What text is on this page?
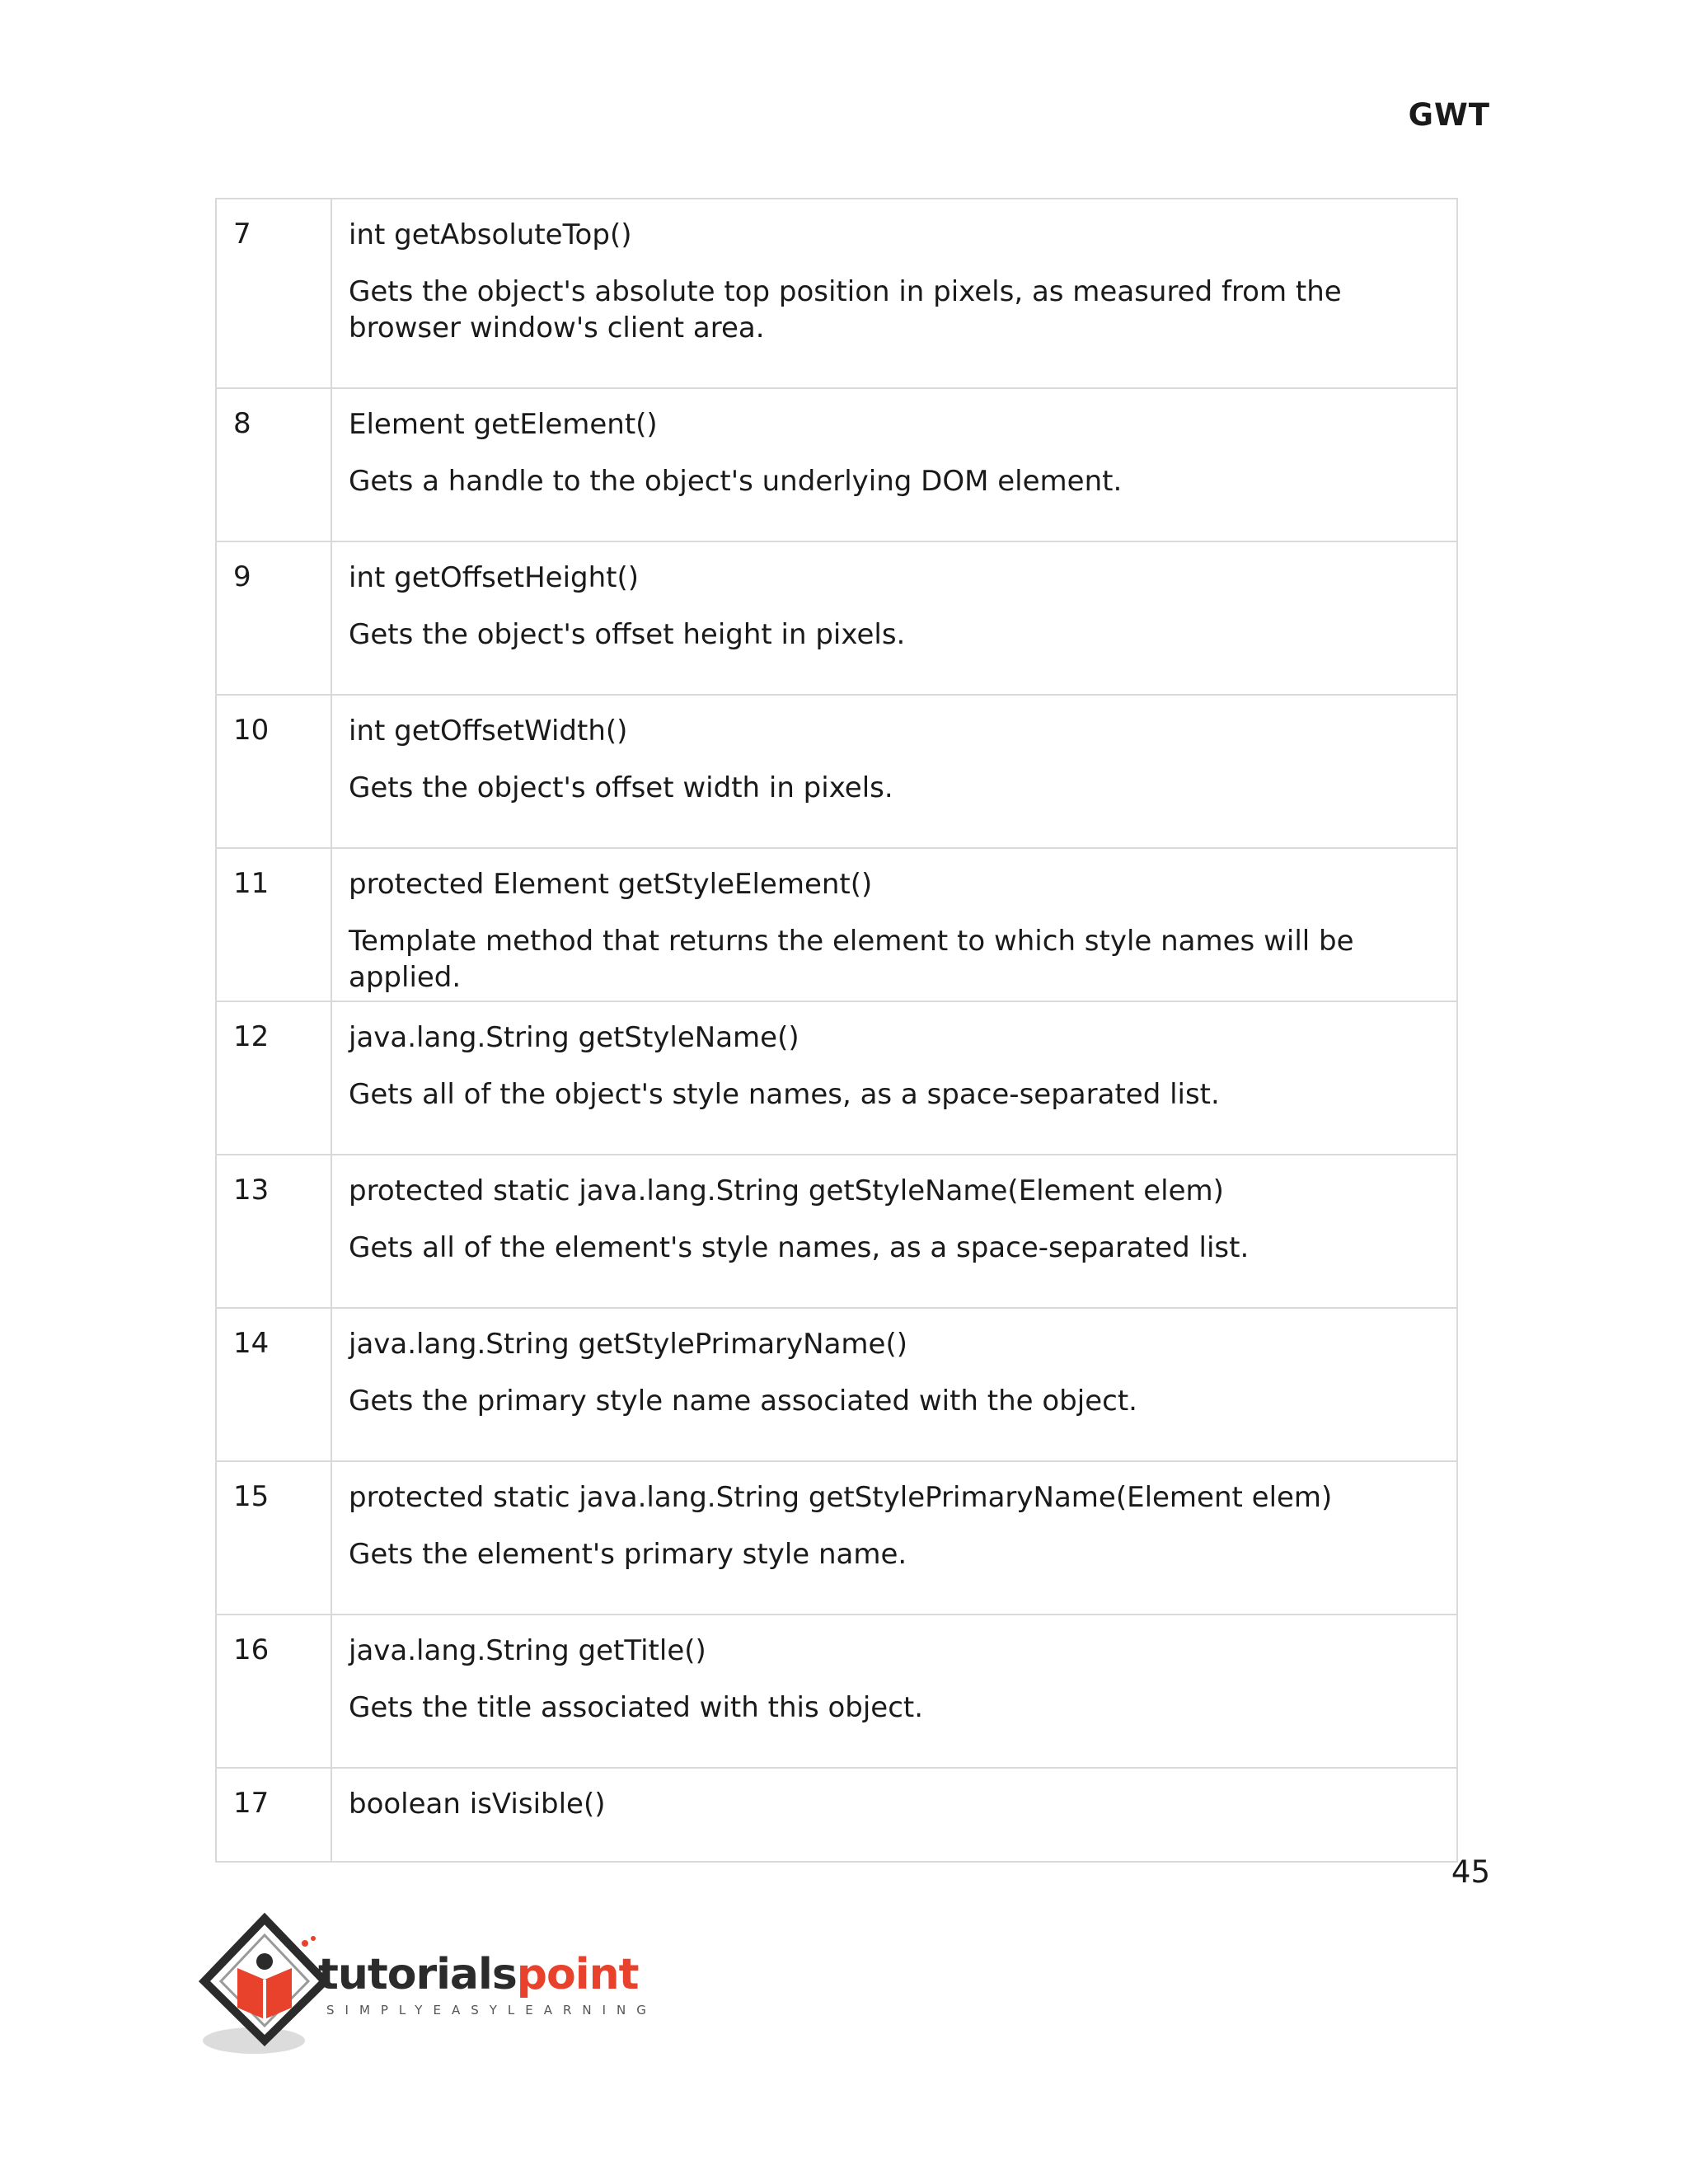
GWT
7	int getAbsoluteTop()

Gets the object's absolute top position in pixels, as measured from the browser window's client area.

8	Element getElement()

Gets a handle to the object's underlying DOM element.

9	int getOffsetHeight()

Gets the object's offset height in pixels.

10	int getOffsetWidth()

Gets the object's offset width in pixels.

11	protected Element getStyleElement()

Template method that returns the element to which style names will be applied.

12	java.lang.String getStyleName()

Gets all of the object's style names, as a space-separated list.

13	protected static java.lang.String getStyleName(Element elem)

Gets all of the element's style names, as a space-separated list.

14	java.lang.String getStylePrimaryName()

Gets the primary style name associated with the object.

15	protected static java.lang.String getStylePrimaryName(Element elem)

Gets the element's primary style name.

16	java.lang.String getTitle()

Gets the title associated with this object.

17	boolean isVisible()

45
tutorialspoint
SIMPLYEASYLEARNING
